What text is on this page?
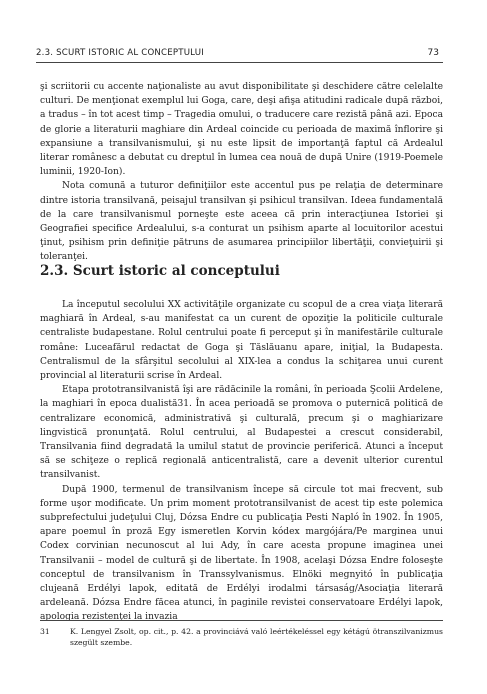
2.3. SCURT ISTORIC AL CONCEPTULUI	73

şi scriitorii cu accente naţionaliste au avut disponibilitate şi deschidere către celelalte culturi. De menţionat exemplul lui Goga, care, deşi afişa atitudini radicale după război, a tradus – în tot acest timp – Tragedia omului, o traducere care rezistă până azi. Epoca de glorie a literaturii maghiare din Ardeal coincide cu perioada de maximă înflorire şi expansiune a transilvanismului, şi nu este lipsit de importanţă faptul că Ardealul literar românesc a debutat cu dreptul în lumea cea nouă de după Unire (1919-Poemele luminii, 1920-Ion).

Nota comună a tuturor definiţiilor este accentul pus pe relaţia de determinare dintre istoria transilvană, peisajul transilvan şi psihicul transilvan. Ideea fundamentală de la care transilvanismul porneşte este aceea că prin interacţiunea Istoriei şi Geografiei specifice Ardealului, s-a conturat un psihism aparte al locuitorilor acestui ţinut, psihism prin definiţie pătruns de asumarea principiilor libertăţii, convieţuirii şi toleranţei.

2.3. Scurt istoric al conceptului

La începutul secolului XX activităţile organizate cu scopul de a crea viaţa literară maghiară în Ardeal, s-au manifestat ca un curent de opoziţie la politicile culturale centraliste budapestane. Rolul centrului poate fi perceput şi în manifestările culturale române: Luceafărul redactat de Goga şi Tăslăuanu apare, iniţial, la Budapesta. Centralismul de la sfârşitul secolului al XIX-lea a condus la schiţarea unui curent provincial al literaturii scrise în Ardeal.

Etapa prototransilvanistă îşi are rădăcinile la români, în perioada Şcolii Ardelene, la maghiari în epoca dualistă31. În acea perioadă se promova o puternică politică de centralizare economică, administrativă şi culturală, precum şi o maghiarizare lingvistică pronunţată. Rolul centrului, al Budapestei a crescut considerabil, Transilvania fiind degradată la umilul statut de provincie periferică. Atunci a început să se schiţeze o replică regională anticentralistă, care a devenit ulterior curentul transilvanist.

După 1900, termenul de transilvanism începe să circule tot mai frecvent, sub forme uşor modificate. Un prim moment prototransilvanist de acest tip este polemica subprefectului judeţului Cluj, Dózsa Endre cu publicaţia Pesti Napló în 1902. În 1905, apare poemul în proză Egy ismeretlen Korvin kódex margójára/Pe marginea unui Codex corvinian necunoscut al lui Ady, în care acesta propune imaginea unei Transilvanii – model de cultură şi de libertate. În 1908, acelaşi Dózsa Endre foloseşte conceptul de transilvanism în Transsylvanismus. Elnöki megnyitó în publicaţia clujeană Erdélyi lapok, editată de Erdélyi irodalmi társaság/Asociaţia literară ardeleană. Dózsa Endre făcea atunci, în paginile revistei conservatoare Erdélyi lapok, apologia rezistenţei la invazia

31	K. Lengyel Zsolt, op. cit., p. 42. a provinciává való leértékeléssel egy kétágú ötranszilvanizmus szegült szembe.
